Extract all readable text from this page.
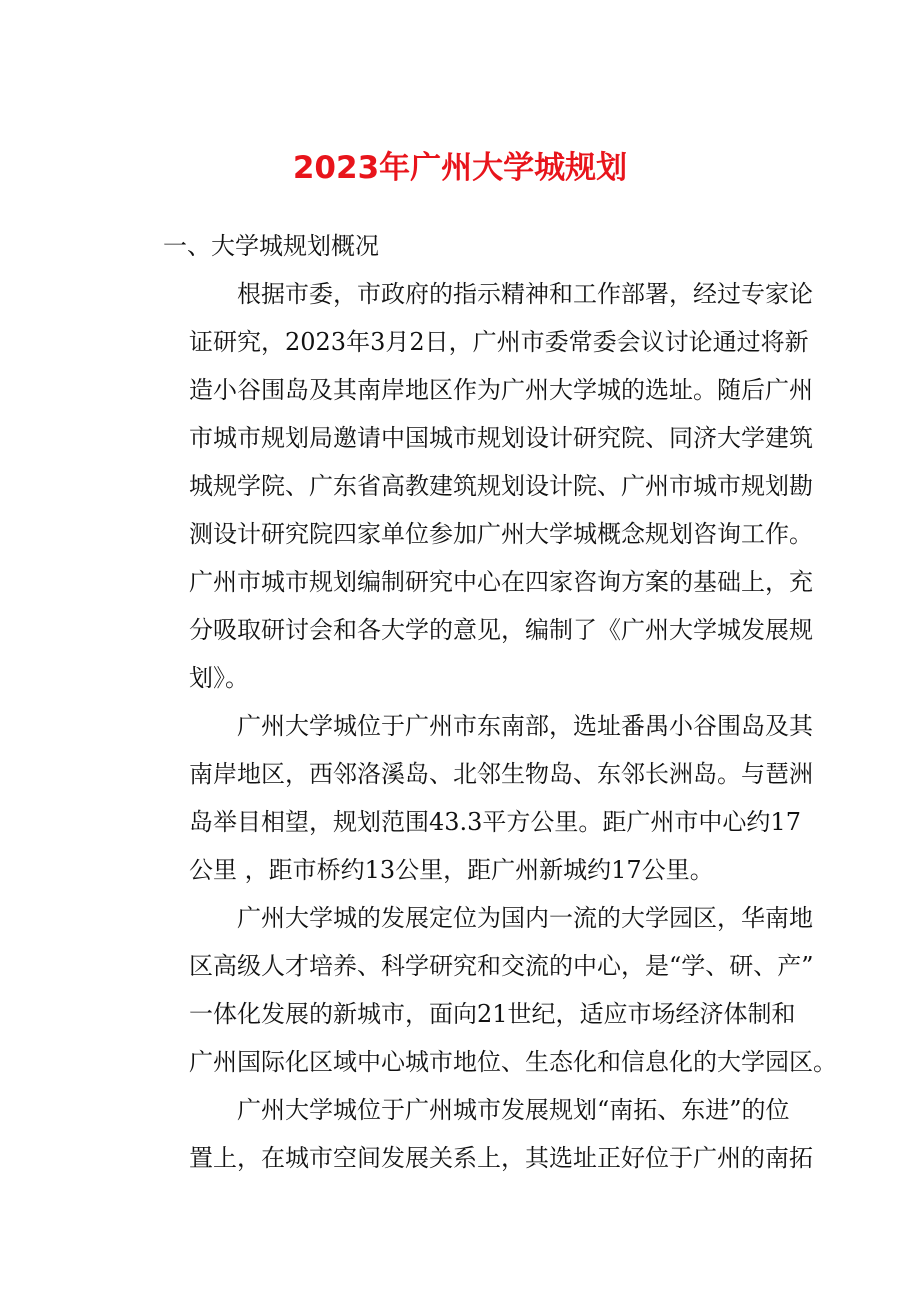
2023年广州大学城规划

一、大学城规划概况

根据市委，市政府的指示精神和工作部署，经过专家论
证研究，2023年3月2日，广州市委常委会议讨论通过将新
造小谷围岛及其南岸地区作为广州大学城的选址。随后广州
市城市规划局邀请中国城市规划设计研究院、同济大学建筑
城规学院、广东省高教建筑规划设计院、广州市城市规划勘
测设计研究院四家单位参加广州大学城概念规划咨询工作。
广州市城市规划编制研究中心在四家咨询方案的基础上，充
分吸取研讨会和各大学的意见，编制了《广州大学城发展规
划》。

广州大学城位于广州市东南部，选址番禺小谷围岛及其
南岸地区，西邻洛溪岛、北邻生物岛、东邻长洲岛。与琶洲
岛举目相望，规划范围43.3平方公里。距广州市中心约17
公里 ，距市桥约13公里，距广州新城约17公里。

广州大学城的发展定位为国内一流的大学园区，华南地
区高级人才培养、科学研究和交流的中心，是“学、研、产”
一体化发展的新城市，面向21世纪，适应市场经济体制和
广州国际化区域中心城市地位、生态化和信息化的大学园区。

广州大学城位于广州城市发展规划“南拓、东进”的位
置上，在城市空间发展关系上，其选址正好位于广州的南拓
